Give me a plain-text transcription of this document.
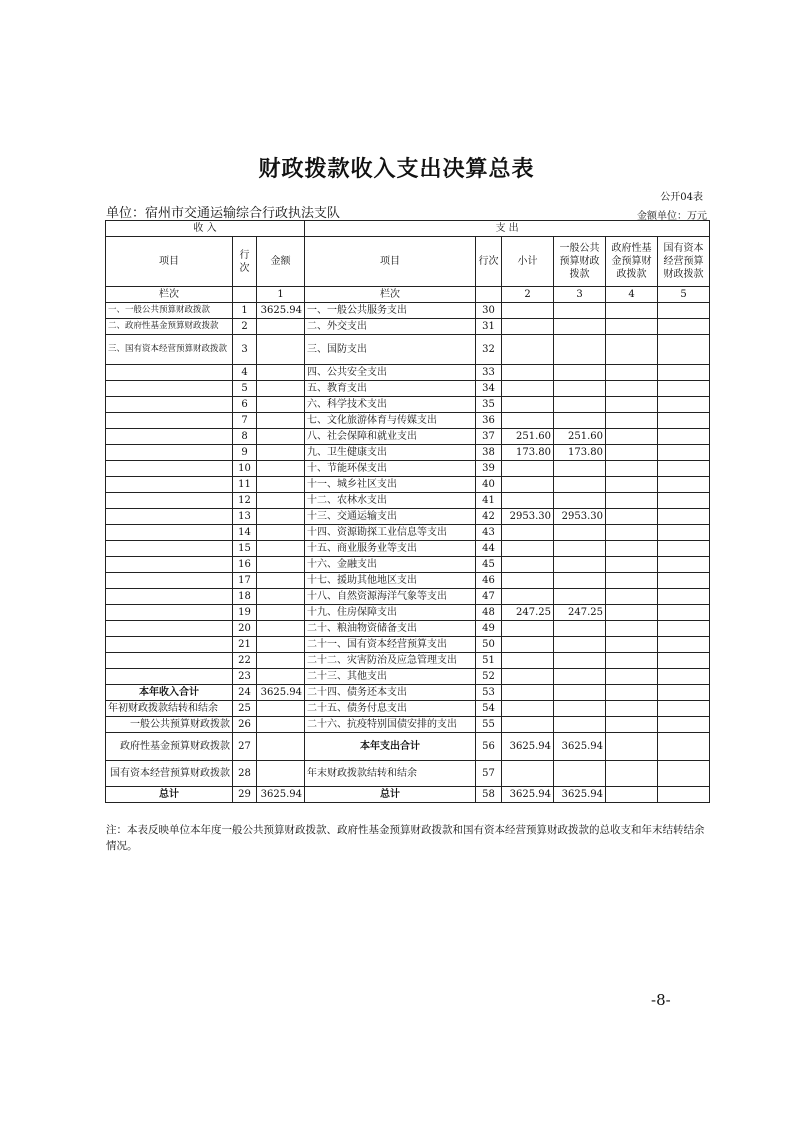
财政拨款收入支出决算总表
公开04表
单位：宿州市交通运输综合行政执法支队	金额单位：万元
收 入			支 出					
项目	行次	金额	项目	行次	小计	一般公共预算财政拨款	政府性基金预算财政拨款	国有资本经营预算财政拨款
栏次		1	栏次		2	3	4	5
一、一般公共预算财政拨款	1	3625.94	一、一般公共服务支出	30				
二、政府性基金预算财政拨款	2		二、外交支出	31				
三、国有资本经营预算财政拨款	3		三、国防支出	32				
	4		四、公共安全支出	33				
	5		五、教育支出	34				
	6		六、科学技术支出	35				
	7		七、文化旅游体育与传媒支出	36				
	8		八、社会保障和就业支出	37	251.60	251.60		
	9		九、卫生健康支出	38	173.80	173.80		
	10		十、节能环保支出	39				
	11		十一、城乡社区支出	40				
	12		十二、农林水支出	41				
	13		十三、交通运输支出	42	2953.30	2953.30		
	14		十四、资源勘探工业信息等支出	43				
	15		十五、商业服务业等支出	44				
	16		十六、金融支出	45				
	17		十七、援助其他地区支出	46				
	18		十八、自然资源海洋气象等支出	47				
	19		十九、住房保障支出	48	247.25	247.25		
	20		二十、粮油物资储备支出	49				
	21		二十一、国有资本经营预算支出	50				
	22		二十二、灾害防治及应急管理支出	51				
	23		二十三、其他支出	52				
本年收入合计	24	3625.94	二十四、债务还本支出	53				
年初财政拨款结转和结余	25		二十五、债务付息支出	54				
一般公共预算财政拨款	26		二十六、抗疫特别国债安排的支出	55				
政府性基金预算财政拨款	27		本年支出合计	56	3625.94	3625.94		
国有资本经营预算财政拨款	28		年末财政拨款结转和结余	57				
总计	29	3625.94	总计	58	3625.94	3625.94		
注：本表反映单位本年度一般公共预算财政拨款、政府性基金预算财政拨款和国有资本经营预算财政拨款的总收支和年末结转结余情况。
-8-
